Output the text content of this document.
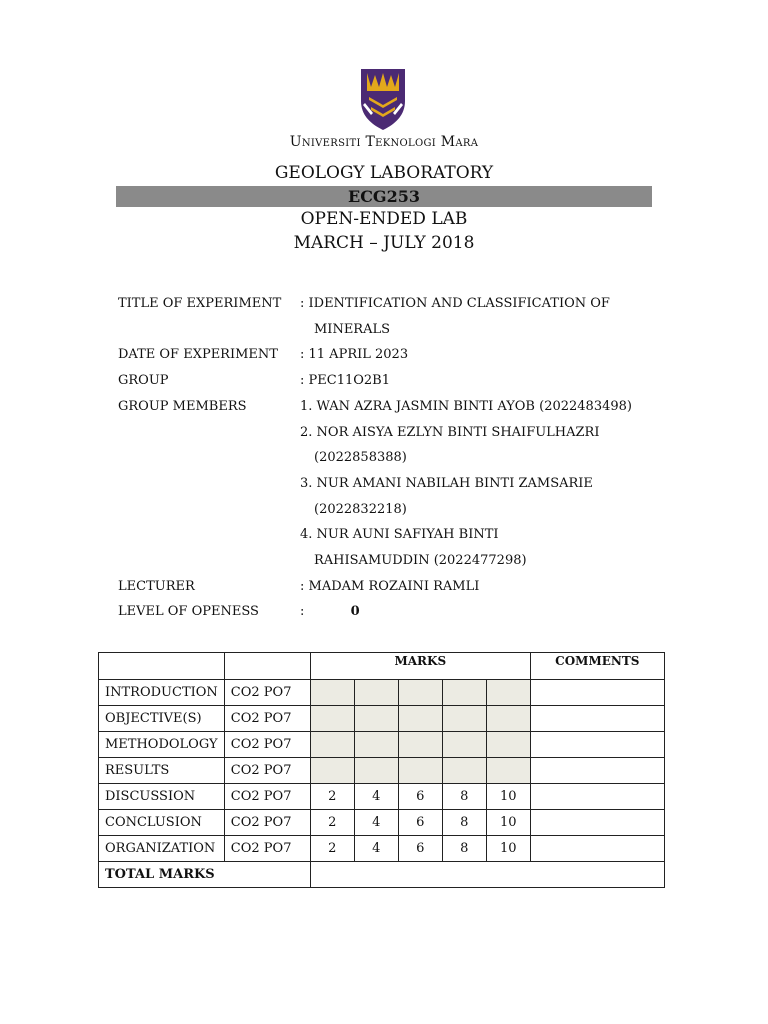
Universiti Teknologi Mara
GEOLOGY LABORATORY
ECG253
OPEN-ENDED LAB
MARCH – JULY 2018
TITLE OF EXPERIMENT	: IDENTIFICATION AND CLASSIFICATION OF
MINERALS
DATE OF EXPERIMENT	: 11 APRIL 2023
GROUP	: PEC11O2B1
GROUP MEMBERS	1. WAN AZRA JASMIN BINTI AYOB (2022483498)
2. NOR AISYA EZLYN BINTI SHAIFULHAZRI
(2022858388)
3. NUR AMANI NABILAH BINTI ZAMSARIE
(2022832218)
4. NUR AUNI SAFIYAH BINTI
RAHISAMUDDIN (2022477298)
LECTURER	: MADAM ROZAINI RAMLI
LEVEL OF OPENESS	:	0
		MARKS					COMMENTS
INTRODUCTION	CO2 PO7						
OBJECTIVE(S)	CO2 PO7						
METHODOLOGY	CO2 PO7						
RESULTS	CO2 PO7						
DISCUSSION	CO2 PO7	2	4	6	8	10	
CONCLUSION	CO2 PO7	2	4	6	8	10	
ORGANIZATION	CO2 PO7	2	4	6	8	10	
TOTAL MARKS							
